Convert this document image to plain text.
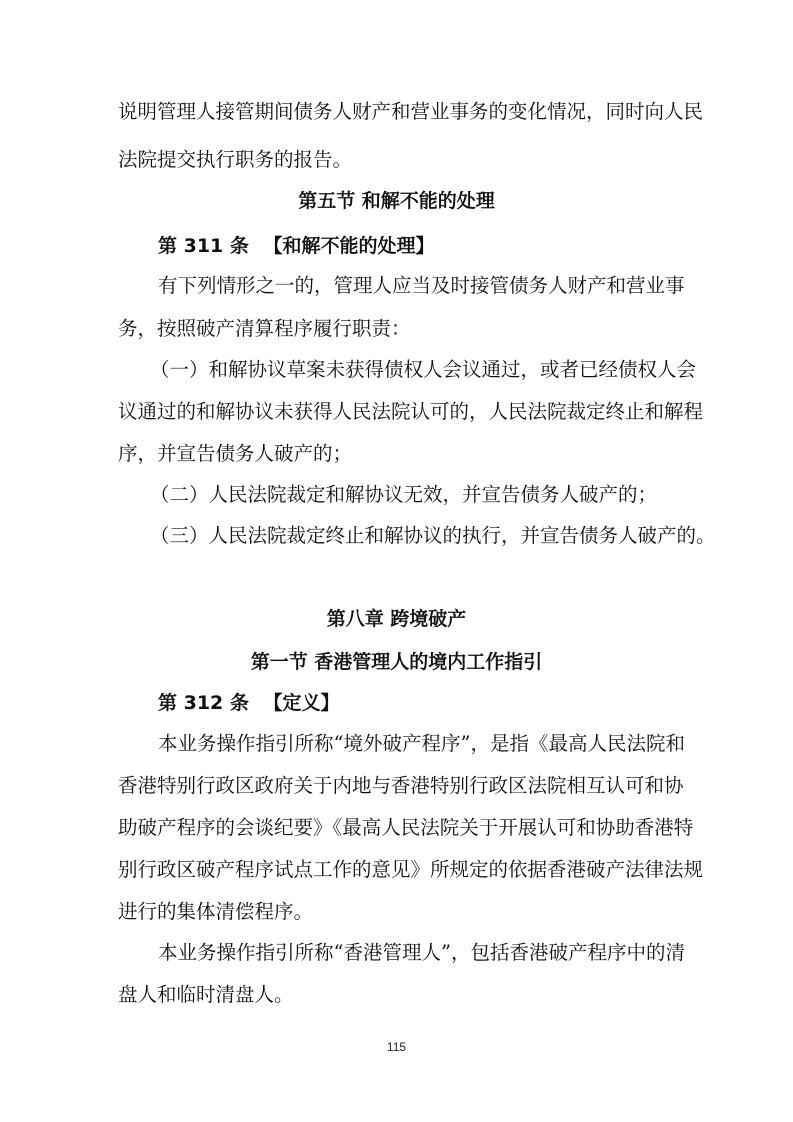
说明管理人接管期间债务人财产和营业事务的变化情况，同时向人民
法院提交执行职务的报告。
第五节 和解不能的处理
第 311 条 【和解不能的处理】
有下列情形之一的，管理人应当及时接管债务人财产和营业事
务，按照破产清算程序履行职责：
（一）和解协议草案未获得债权人会议通过，或者已经债权人会
议通过的和解协议未获得人民法院认可的，人民法院裁定终止和解程
序，并宣告债务人破产的；
（二）人民法院裁定和解协议无效，并宣告债务人破产的；
（三）人民法院裁定终止和解协议的执行，并宣告债务人破产的。
第八章 跨境破产
第一节 香港管理人的境内工作指引
第 312 条 【定义】
本业务操作指引所称“境外破产程序”，是指《最高人民法院和
香港特别行政区政府关于内地与香港特别行政区法院相互认可和协
助破产程序的会谈纪要》《最高人民法院关于开展认可和协助香港特
别行政区破产程序试点工作的意见》所规定的依据香港破产法律法规
进行的集体清偿程序。
本业务操作指引所称“香港管理人”，包括香港破产程序中的清
盘人和临时清盘人。
115
